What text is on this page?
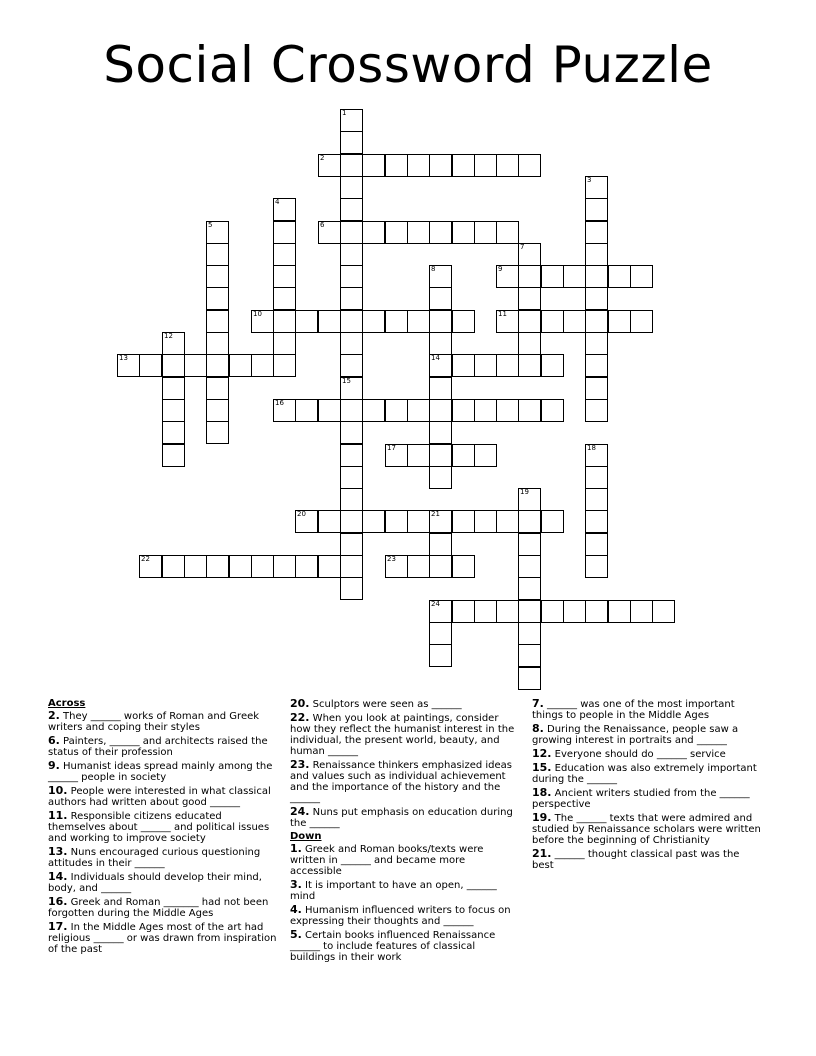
Social Crossword Puzzle
1
2
3
4
5	6
7
8
14
9
10	11
12
13
15
16
17	18
19
20	21
22	23
24
Across
2. They ______ works of Roman and Greek writers and coping their styles
6. Painters, ______ and architects raised the status of their profession
9. Humanist ideas spread mainly among the ______ people in society
10. People were interested in what classical authors had written about good ______
11. Responsible citizens educated themselves about ______ and political issues and working to improve society
13. Nuns encouraged curious questioning attitudes in their ______
14. Individuals should develop their mind, body, and ______
16. Greek and Roman _______ had not been forgotten during the Middle Ages
17. In the Middle Ages most of the art had religious ______ or was drawn from inspiration of the past
20. Sculptors were seen as ______
22. When you look at paintings, consider how they reflect the humanist interest in the individual, the present world, beauty, and human ______
23. Renaissance thinkers emphasized ideas and values such as individual achievement and the importance of the history and the ______
24. Nuns put emphasis on education during the ______
Down
1. Greek and Roman books/texts were written in ______ and became more accessible
3. It is important to have an open, ______ mind
4. Humanism influenced writers to focus on expressing their thoughts and ______
5. Certain books influenced Renaissance ______ to include features of classical buildings in their work
7. ______ was one of the most important things to people in the Middle Ages
8. During the Renaissance, people saw a growing interest in portraits and ______
12. Everyone should do ______ service
15. Education was also extremely important during the ______
18. Ancient writers studied from the ______ perspective
19. The ______ texts that were admired and studied by Renaissance scholars were written before the beginning of Christianity
21. ______ thought classical past was the best
